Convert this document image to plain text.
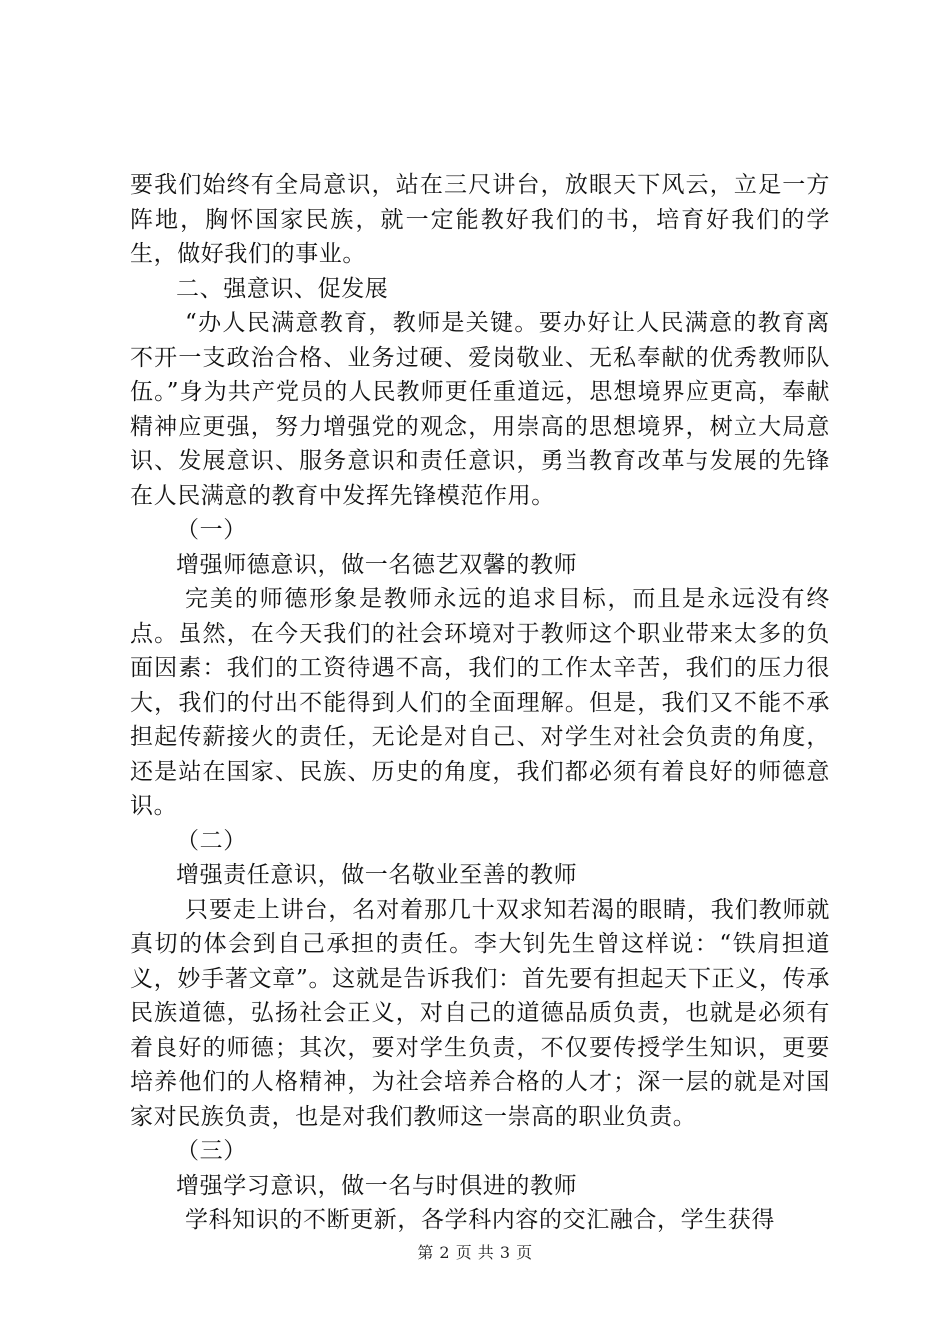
要我们始终有全局意识，站在三尺讲台，放眼天下风云，立足一方阵地，胸怀国家民族，就一定能教好我们的书，培育好我们的学生，做好我们的事业。

二、强意识、促发展

“办人民满意教育，教师是关键。要办好让人民满意的教育离不开一支政治合格、业务过硬、爱岗敬业、无私奉献的优秀教师队伍。”身为共产党员的人民教师更任重道远，思想境界应更高，奉献精神应更强，努力增强党的观念，用崇高的思想境界，树立大局意识、发展意识、服务意识和责任意识，勇当教育改革与发展的先锋在人民满意的教育中发挥先锋模范作用。

（一）

增强师德意识，做一名德艺双馨的教师

完美的师德形象是教师永远的追求目标，而且是永远没有终点。虽然，在今天我们的社会环境对于教师这个职业带来太多的负面因素：我们的工资待遇不高，我们的工作太辛苦，我们的压力很大，我们的付出不能得到人们的全面理解。但是，我们又不能不承担起传薪接火的责任，无论是对自己、对学生对社会负责的角度，还是站在国家、民族、历史的角度，我们都必须有着良好的师德意识。

（二）

增强责任意识，做一名敬业至善的教师

只要走上讲台，名对着那几十双求知若渴的眼睛，我们教师就真切的体会到自己承担的责任。李大钊先生曾这样说：“铁肩担道义，妙手著文章”。这就是告诉我们：首先要有担起天下正义，传承民族道德，弘扬社会正义，对自己的道德品质负责，也就是必须有着良好的师德；其次，要对学生负责，不仅要传授学生知识，更要培养他们的人格精神，为社会培养合格的人才；深一层的就是对国家对民族负责，也是对我们教师这一崇高的职业负责。

（三）

增强学习意识，做一名与时俱进的教师

学科知识的不断更新，各学科内容的交汇融合，学生获得

第 2 页 共 3 页
